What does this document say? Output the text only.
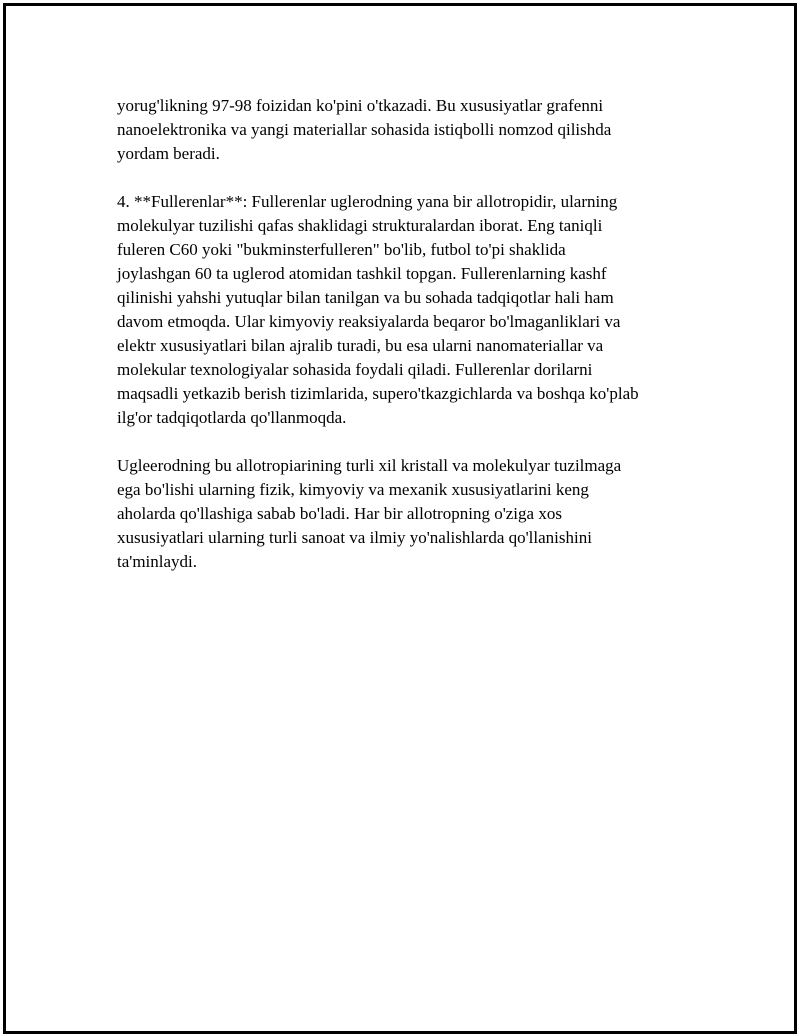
yorug'likning 97-98 foizidan ko'pini o'tkazadi. Bu xususiyatlar grafenni
nanoelektronika va yangi materiallar sohasida istiqbolli nomzod qilishda
yordam beradi.

4. **Fullerenlar**: Fullerenlar uglerodning yana bir allotropidir, ularning
molekulyar tuzilishi qafas shaklidagi strukturalardan iborat. Eng taniqli
fuleren C60 yoki "bukminsterfulleren" bo'lib, futbol to'pi shaklida
joylashgan 60 ta uglerod atomidan tashkil topgan. Fullerenlarning kashf
qilinishi yahshi yutuqlar bilan tanilgan va bu sohada tadqiqotlar hali ham
davom etmoqda. Ular kimyoviy reaksiyalarda beqaror bo'lmaganliklari va
elektr xususiyatlari bilan ajralib turadi, bu esa ularni nanomateriallar va
molekular texnologiyalar sohasida foydali qiladi. Fullerenlar dorilarni
maqsadli yetkazib berish tizimlarida, supero'tkazgichlarda va boshqa ko'plab
ilg'or tadqiqotlarda qo'llanmoqda.

Ugleerodning bu allotropiarining turli xil kristall va molekulyar tuzilmaga
ega bo'lishi ularning fizik, kimyoviy va mexanik xususiyatlarini keng
aholarda qo'llashiga sabab bo'ladi. Har bir allotropning o'ziga xos
xususiyatlari ularning turli sanoat va ilmiy yo'nalishlarda qo'llanishini
ta'minlaydi.
